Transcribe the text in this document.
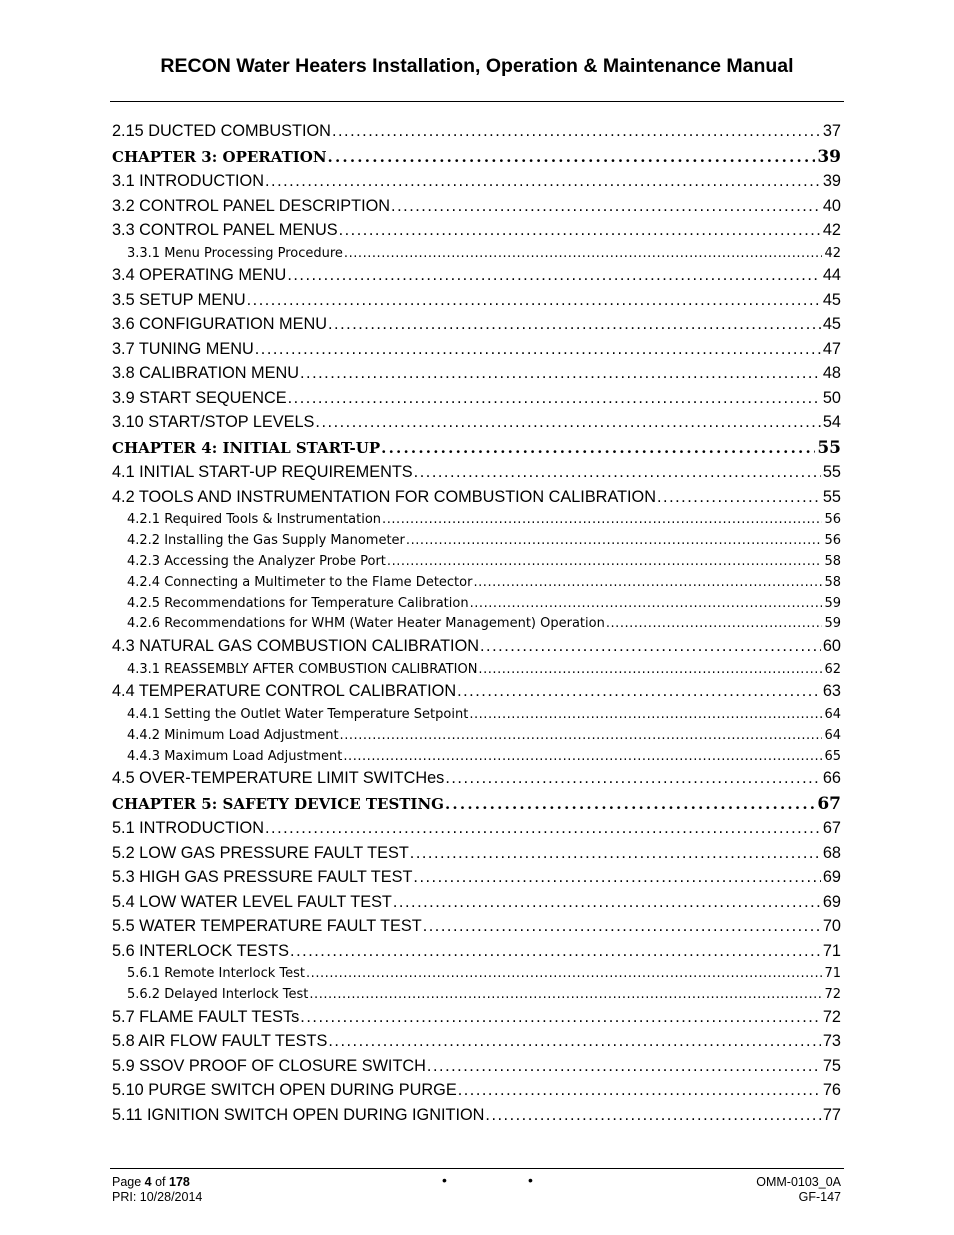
RECON Water Heaters Installation, Operation & Maintenance Manual
2.15 DUCTED COMBUSTION . . .	37
CHAPTER 3: OPERATION . . .	39
3.1 INTRODUCTION . . .	39
3.2 CONTROL PANEL DESCRIPTION . . .	40
3.3 CONTROL PANEL MENUS . . .	42
3.3.1 Menu Processing Procedure . . .	42
3.4 OPERATING MENU . . .	44
3.5 SETUP MENU . . .	45
3.6 CONFIGURATION MENU . . .	45
3.7 TUNING MENU . . .	47
3.8 CALIBRATION MENU . . .	48
3.9 START SEQUENCE . . .	50
3.10 START/STOP LEVELS . . .	54
CHAPTER 4: INITIAL START-UP . . .	55
4.1 INITIAL START-UP REQUIREMENTS . . .	55
4.2 TOOLS AND INSTRUMENTATION FOR COMBUSTION CALIBRATION . . .	55
4.2.1 Required Tools & Instrumentation . . .	56
4.2.2 Installing the Gas Supply Manometer . . .	56
4.2.3 Accessing the Analyzer Probe Port . . .	58
4.2.4 Connecting a Multimeter to the Flame Detector . . .	58
4.2.5 Recommendations for Temperature Calibration . . .	59
4.2.6 Recommendations for WHM (Water Heater Management) Operation . . .	59
4.3 NATURAL GAS COMBUSTION CALIBRATION . . .	60
4.3.1 REASSEMBLY AFTER COMBUSTION CALIBRATION . . .	62
4.4 TEMPERATURE CONTROL CALIBRATION . . .	63
4.4.1 Setting the Outlet Water Temperature Setpoint . . .	64
4.4.2 Minimum Load Adjustment . . .	64
4.4.3 Maximum Load Adjustment . . .	65
4.5 OVER-TEMPERATURE LIMIT SWITCHes . . .	66
CHAPTER 5: SAFETY DEVICE TESTING . . .	67
5.1 INTRODUCTION . . .	67
5.2 LOW GAS PRESSURE FAULT TEST . . .	68
5.3 HIGH GAS PRESSURE FAULT TEST . . .	69
5.4 LOW WATER LEVEL FAULT TEST . . .	69
5.5 WATER TEMPERATURE FAULT TEST . . .	70
5.6 INTERLOCK TESTS . . .	71
5.6.1 Remote Interlock Test . . .	71
5.6.2 Delayed Interlock Test . . .	72
5.7 FLAME FAULT TESTs . . .	72
5.8 AIR FLOW FAULT TESTS . . .	73
5.9 SSOV PROOF OF CLOSURE SWITCH . . .	75
5.10 PURGE SWITCH OPEN DURING PURGE . . .	76
5.11 IGNITION SWITCH OPEN DURING IGNITION . . .	77
Page 4 of 178
PRI: 10/28/2014
•	•	OMM-0103_0A
GF-147
